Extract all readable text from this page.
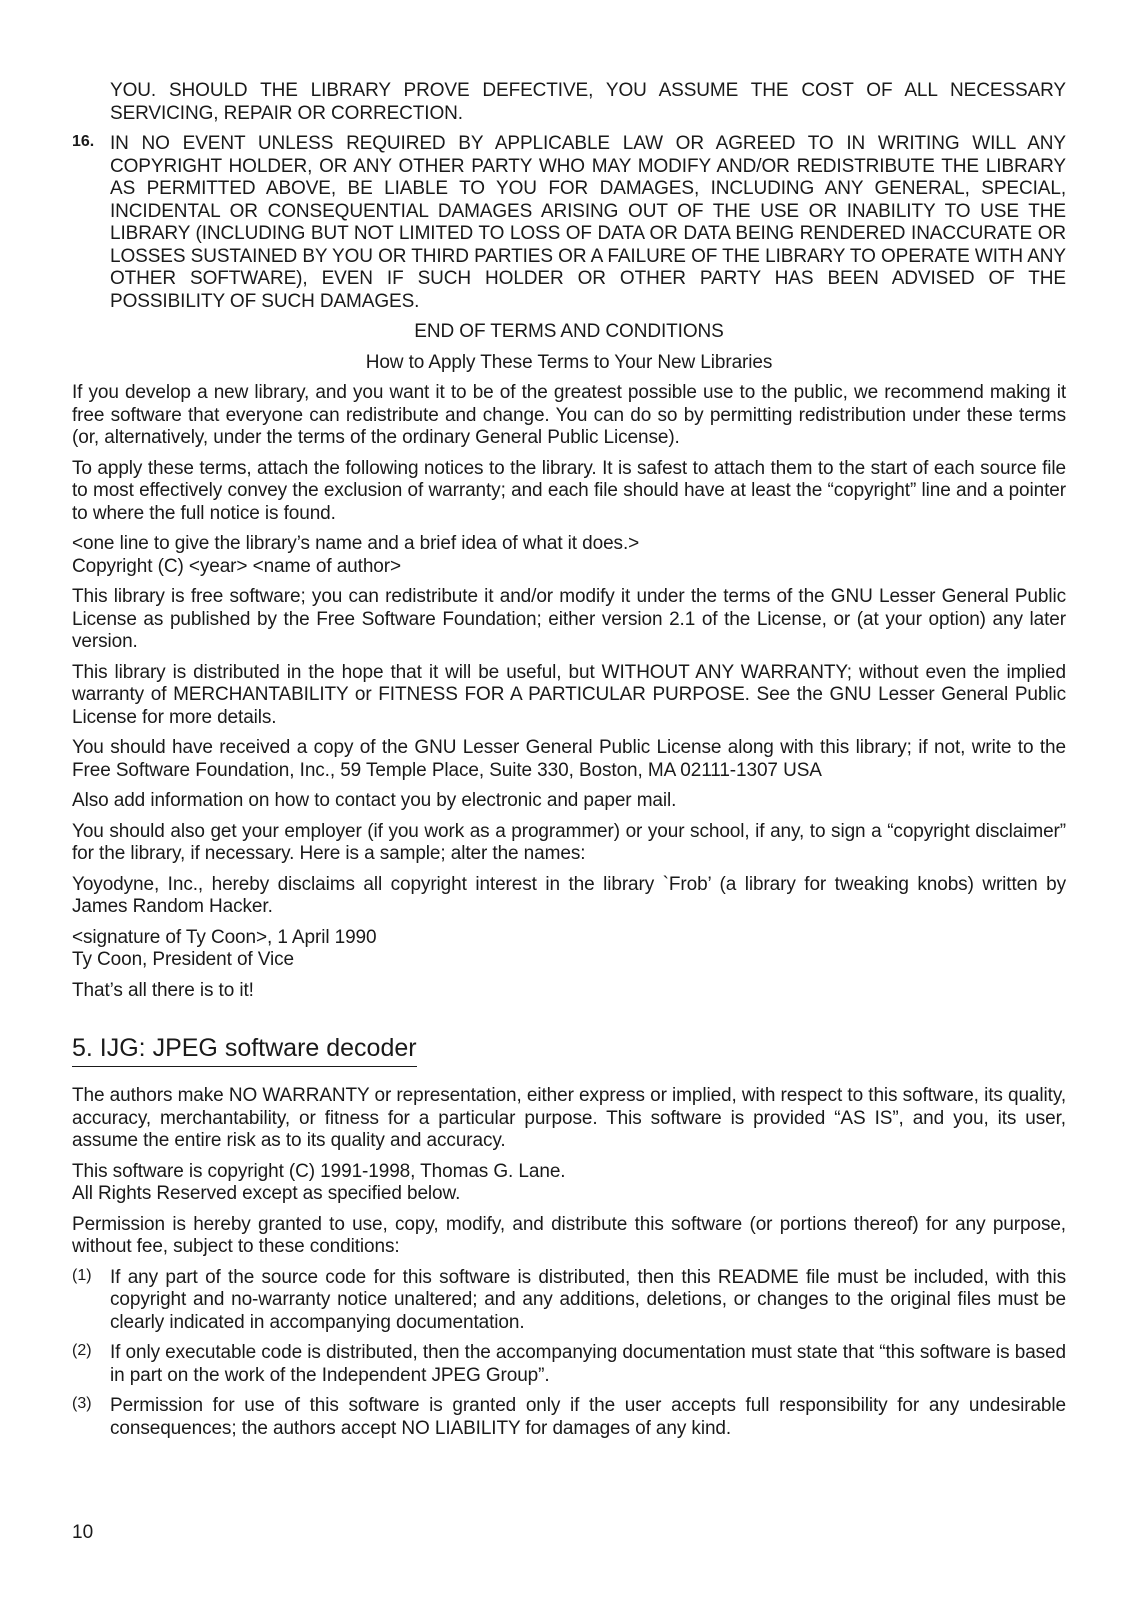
YOU. SHOULD THE LIBRARY PROVE DEFECTIVE, YOU ASSUME THE COST OF ALL NECESSARY SERVICING, REPAIR OR CORRECTION.

16. IN NO EVENT UNLESS REQUIRED BY APPLICABLE LAW OR AGREED TO IN WRITING WILL ANY COPYRIGHT HOLDER, OR ANY OTHER PARTY WHO MAY MODIFY AND/OR REDISTRIBUTE THE LIBRARY AS PERMITTED ABOVE, BE LIABLE TO YOU FOR DAMAGES, INCLUDING ANY GENERAL, SPECIAL, INCIDENTAL OR CONSEQUENTIAL DAMAGES ARISING OUT OF THE USE OR INABILITY TO USE THE LIBRARY (INCLUDING BUT NOT LIMITED TO LOSS OF DATA OR DATA BEING RENDERED INACCURATE OR LOSSES SUSTAINED BY YOU OR THIRD PARTIES OR A FAILURE OF THE LIBRARY TO OPERATE WITH ANY OTHER SOFTWARE), EVEN IF SUCH HOLDER OR OTHER PARTY HAS BEEN ADVISED OF THE POSSIBILITY OF SUCH DAMAGES.

END OF TERMS AND CONDITIONS

How to Apply These Terms to Your New Libraries

If you develop a new library, and you want it to be of the greatest possible use to the public, we recommend making it free software that everyone can redistribute and change. You can do so by permitting redistribution under these terms (or, alternatively, under the terms of the ordinary General Public License).

To apply these terms, attach the following notices to the library. It is safest to attach them to the start of each source file to most effectively convey the exclusion of warranty; and each file should have at least the “copyright” line and a pointer to where the full notice is found.

<one line to give the library’s name and a brief idea of what it does.>

Copyright (C) <year> <name of author>

This library is free software; you can redistribute it and/or modify it under the terms of the GNU Lesser General Public License as published by the Free Software Foundation; either version 2.1 of the License, or (at your option) any later version.

This library is distributed in the hope that it will be useful, but WITHOUT ANY WARRANTY; without even the implied warranty of MERCHANTABILITY or FITNESS FOR A PARTICULAR PURPOSE. See the GNU Lesser General Public License for more details.

You should have received a copy of the GNU Lesser General Public License along with this library; if not, write to the Free Software Foundation, Inc., 59 Temple Place, Suite 330, Boston, MA 02111-1307 USA

Also add information on how to contact you by electronic and paper mail.

You should also get your employer (if you work as a programmer) or your school, if any, to sign a “copyright disclaimer” for the library, if necessary. Here is a sample; alter the names:

Yoyodyne, Inc., hereby disclaims all copyright interest in the library `Frob’ (a library for tweaking knobs) written by James Random Hacker.

<signature of Ty Coon>, 1 April 1990

Ty Coon, President of Vice

That’s all there is to it!

5. IJG: JPEG software decoder

The authors make NO WARRANTY or representation, either express or implied, with respect to this software, its quality, accuracy, merchantability, or fitness for a particular purpose. This software is provided “AS IS”, and you, its user, assume the entire risk as to its quality and accuracy.

This software is copyright (C) 1991-1998, Thomas G. Lane.

All Rights Reserved except as specified below.

Permission is hereby granted to use, copy, modify, and distribute this software (or portions thereof) for any purpose, without fee, subject to these conditions:

(1) If any part of the source code for this software is distributed, then this README file must be included, with this copyright and no-warranty notice unaltered; and any additions, deletions, or changes to the original files must be clearly indicated in accompanying documentation.

(2) If only executable code is distributed, then the accompanying documentation must state that “this software is based in part on the work of the Independent JPEG Group”.

(3) Permission for use of this software is granted only if the user accepts full responsibility for any undesirable consequences; the authors accept NO LIABILITY for damages of any kind.

10
